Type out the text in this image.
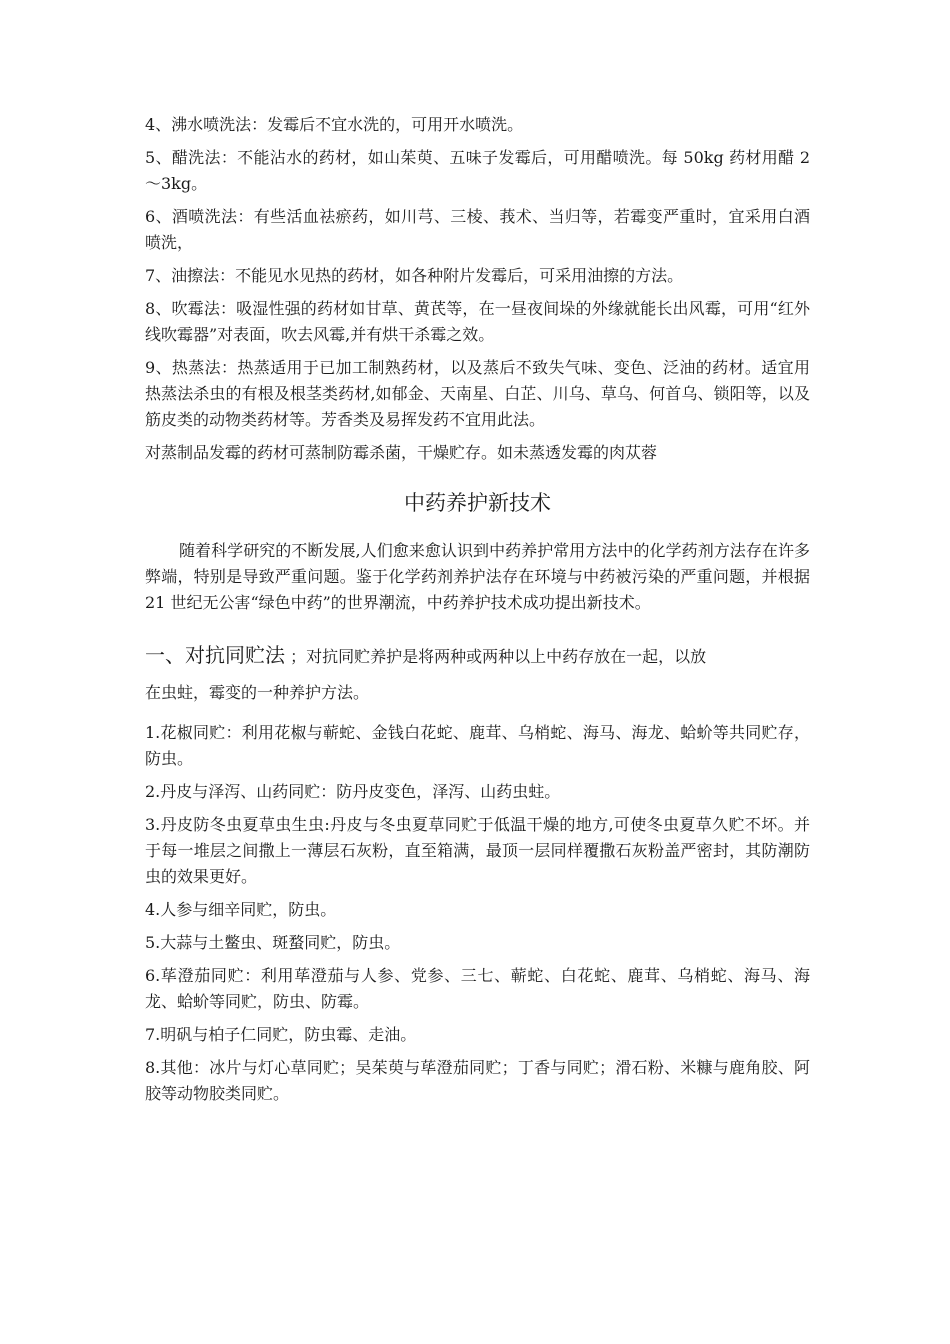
4、沸水喷洗法：发霉后不宜水洗的，可用开水喷洗。

5、醋洗法：不能沾水的药材，如山茱萸、五味子发霉后，可用醋喷洗。每 50kg 药材用醋 2～3kg。

6、酒喷洗法：有些活血祛瘀药，如川芎、三棱、莪术、当归等，若霉变严重时，宜采用白酒喷洗，

7、油擦法：不能见水见热的药材，如各种附片发霉后，可采用油擦的方法。

8、吹霉法：吸湿性强的药材如甘草、黄芪等，在一昼夜间垛的外缘就能长出风霉，可用“红外线吹霉器”对表面，吹去风霉,并有烘干杀霉之效。

9、热蒸法：热蒸适用于已加工制熟药材，以及蒸后不致失气味、变色、泛油的药材。适宜用热蒸法杀虫的有根及根茎类药材,如郁金、天南星、白芷、川乌、草乌、何首乌、锁阳等，以及筋皮类的动物类药材等。芳香类及易挥发药不宜用此法。

对蒸制品发霉的药材可蒸制防霉杀菌，干燥贮存。如未蒸透发霉的肉苁蓉

中药养护新技术

随着科学研究的不断发展,人们愈来愈认识到中药养护常用方法中的化学药剂方法存在许多弊端，特别是导致严重问题。鉴于化学药剂养护法存在环境与中药被污染的严重问题，并根据 21 世纪无公害“绿色中药”的世界潮流，中药养护技术成功提出新技术。

一、对抗同贮法 ；对抗同贮养护是将两种或两种以上中药存放在一起，以放

在虫蛀，霉变的一种养护方法。

1.花椒同贮：利用花椒与蕲蛇、金钱白花蛇、鹿茸、乌梢蛇、海马、海龙、蛤蚧等共同贮存，防虫。

2.丹皮与泽泻、山药同贮：防丹皮变色，泽泻、山药虫蛀。

3.丹皮防冬虫夏草虫生虫:丹皮与冬虫夏草同贮于低温干燥的地方,可使冬虫夏草久贮不坏。并于每一堆层之间撒上一薄层石灰粉，直至箱满，最顶一层同样覆撒石灰粉盖严密封，其防潮防虫的效果更好。

4.人参与细辛同贮，防虫。

5.大蒜与土鳖虫、斑蝥同贮，防虫。

6.荜澄茄同贮：利用荜澄茄与人参、党参、三七、蕲蛇、白花蛇、鹿茸、乌梢蛇、海马、海龙、蛤蚧等同贮，防虫、防霉。

7.明矾与柏子仁同贮，防虫霉、走油。

8.其他：冰片与灯心草同贮；吴茱萸与荜澄茄同贮；丁香与同贮；滑石粉、米糠与鹿角胶、阿胶等动物胶类同贮。
